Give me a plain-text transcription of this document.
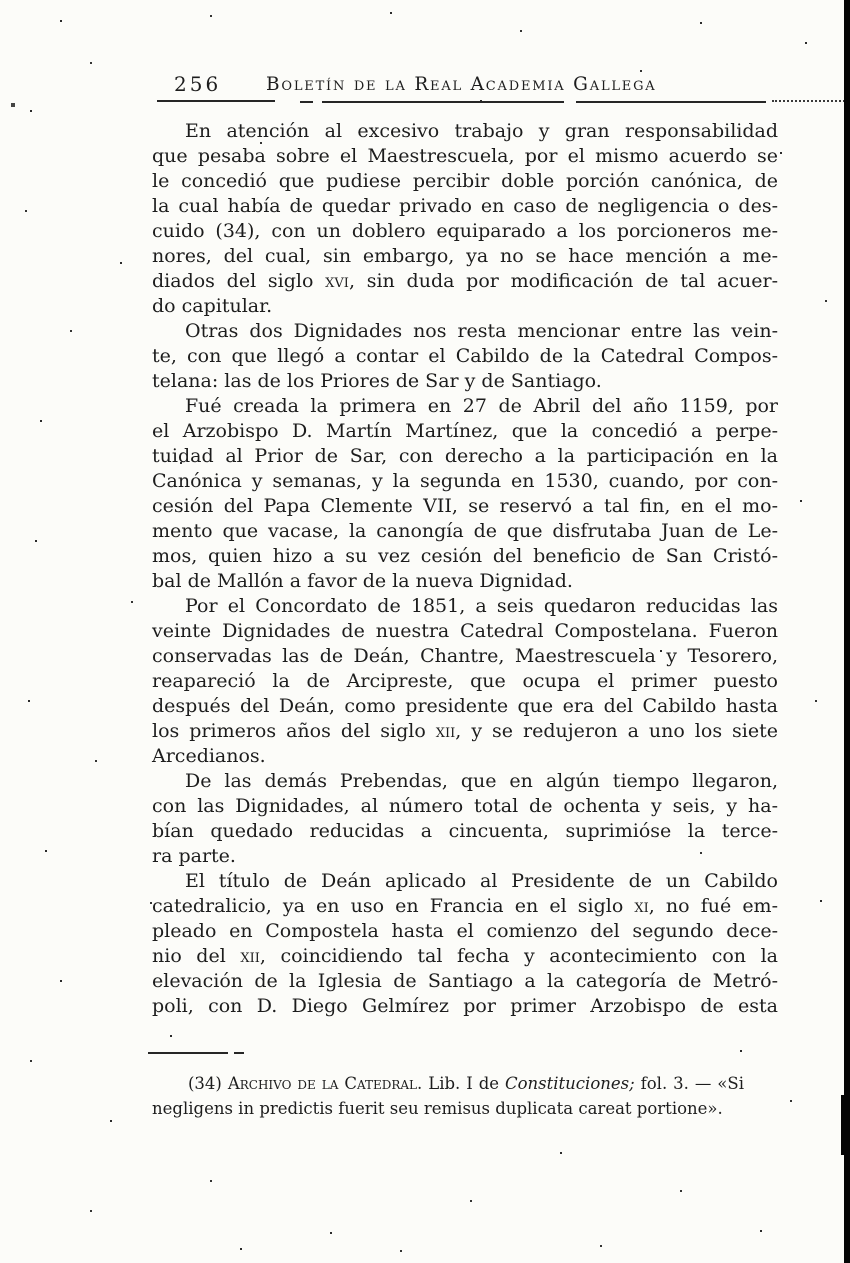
256 Boletín de la Real Academia Gallega
En atención al excesivo trabajo y gran responsabilidad
que pesaba sobre el Maestrescuela, por el mismo acuerdo se
le concedió que pudiese percibir doble porción canónica, de
la cual había de quedar privado en caso de negligencia o des-
cuido (34), con un doblero equiparado a los porcioneros me-
nores, del cual, sin embargo, ya no se hace mención a me-
diados del siglo xvi, sin duda por modificación de tal acuer-
do capitular.
Otras dos Dignidades nos resta mencionar entre las vein-
te, con que llegó a contar el Cabildo de la Catedral Compos-
telana: las de los Priores de Sar y de Santiago.
Fué creada la primera en 27 de Abril del año 1159, por
el Arzobispo D. Martín Martínez, que la concedió a perpe-
tuidad al Prior de Sar, con derecho a la participación en la
Canónica y semanas, y la segunda en 1530, cuando, por con-
cesión del Papa Clemente VII, se reservó a tal fin, en el mo-
mento que vacase, la canongía de que disfrutaba Juan de Le-
mos, quien hizo a su vez cesión del beneficio de San Cristó-
bal de Mallón a favor de la nueva Dignidad.
Por el Concordato de 1851, a seis quedaron reducidas las
veinte Dignidades de nuestra Catedral Compostelana. Fueron
conservadas las de Deán, Chantre, Maestrescuela y Tesorero,
reapareció la de Arcipreste, que ocupa el primer puesto
después del Deán, como presidente que era del Cabildo hasta
los primeros años del siglo xii, y se redujeron a uno los siete
Arcedianos.
De las demás Prebendas, que en algún tiempo llegaron,
con las Dignidades, al número total de ochenta y seis, y ha-
bían quedado reducidas a cincuenta, suprimióse la terce-
ra parte.
El título de Deán aplicado al Presidente de un Cabildo
catedralicio, ya en uso en Francia en el siglo xi, no fué em-
pleado en Compostela hasta el comienzo del segundo dece-
nio del xii, coincidiendo tal fecha y acontecimiento con la
elevación de la Iglesia de Santiago a la categoría de Metró-
poli, con D. Diego Gelmírez por primer Arzobispo de esta
(34) Archivo de la Catedral. Lib. I de Constituciones; fol. 3. — «Si
negligens in predictis fuerit seu remisus duplicata careat portione».
